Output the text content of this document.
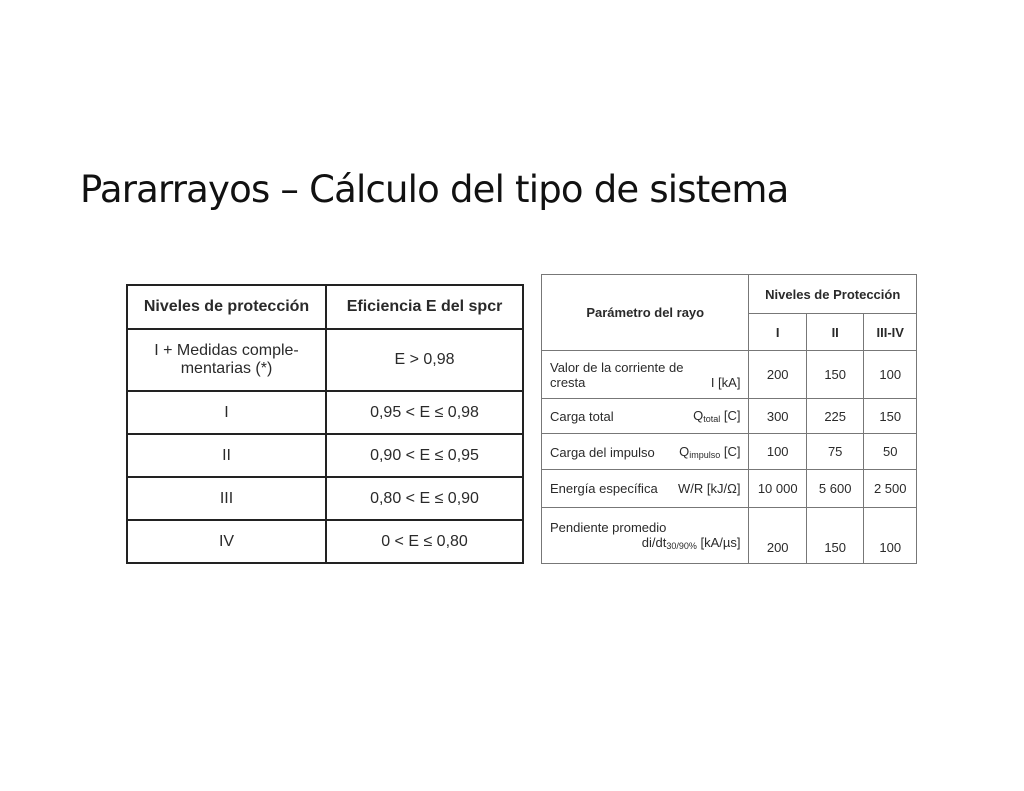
Pararrayos – Cálculo del tipo de sistema
Niveles de protección	Eficiencia E del spcr

I + Medidas comple-
mentarias (*)	E > 0,98
I	0,95 < E ≤ 0,98
II	0,90 < E ≤ 0,95
III	0,80 < E ≤ 0,90
IV	0 < E ≤ 0,80
Parámetro del rayo	Niveles de Protección		
	I	II	III-IV

Valor de la corriente de
cresta I [kA]	200	150	100

Carga total $Q_{total}$ [C]	300	225	150

Carga del impulso $Q_{impulso}$ [C]	100	75	50

Energía específica W/R [kJ/Ω]	10 000	5 600	2 500

Pendiente promedio
$di/dt_{30/90\%}$ [kA/µs]	200	150	100
